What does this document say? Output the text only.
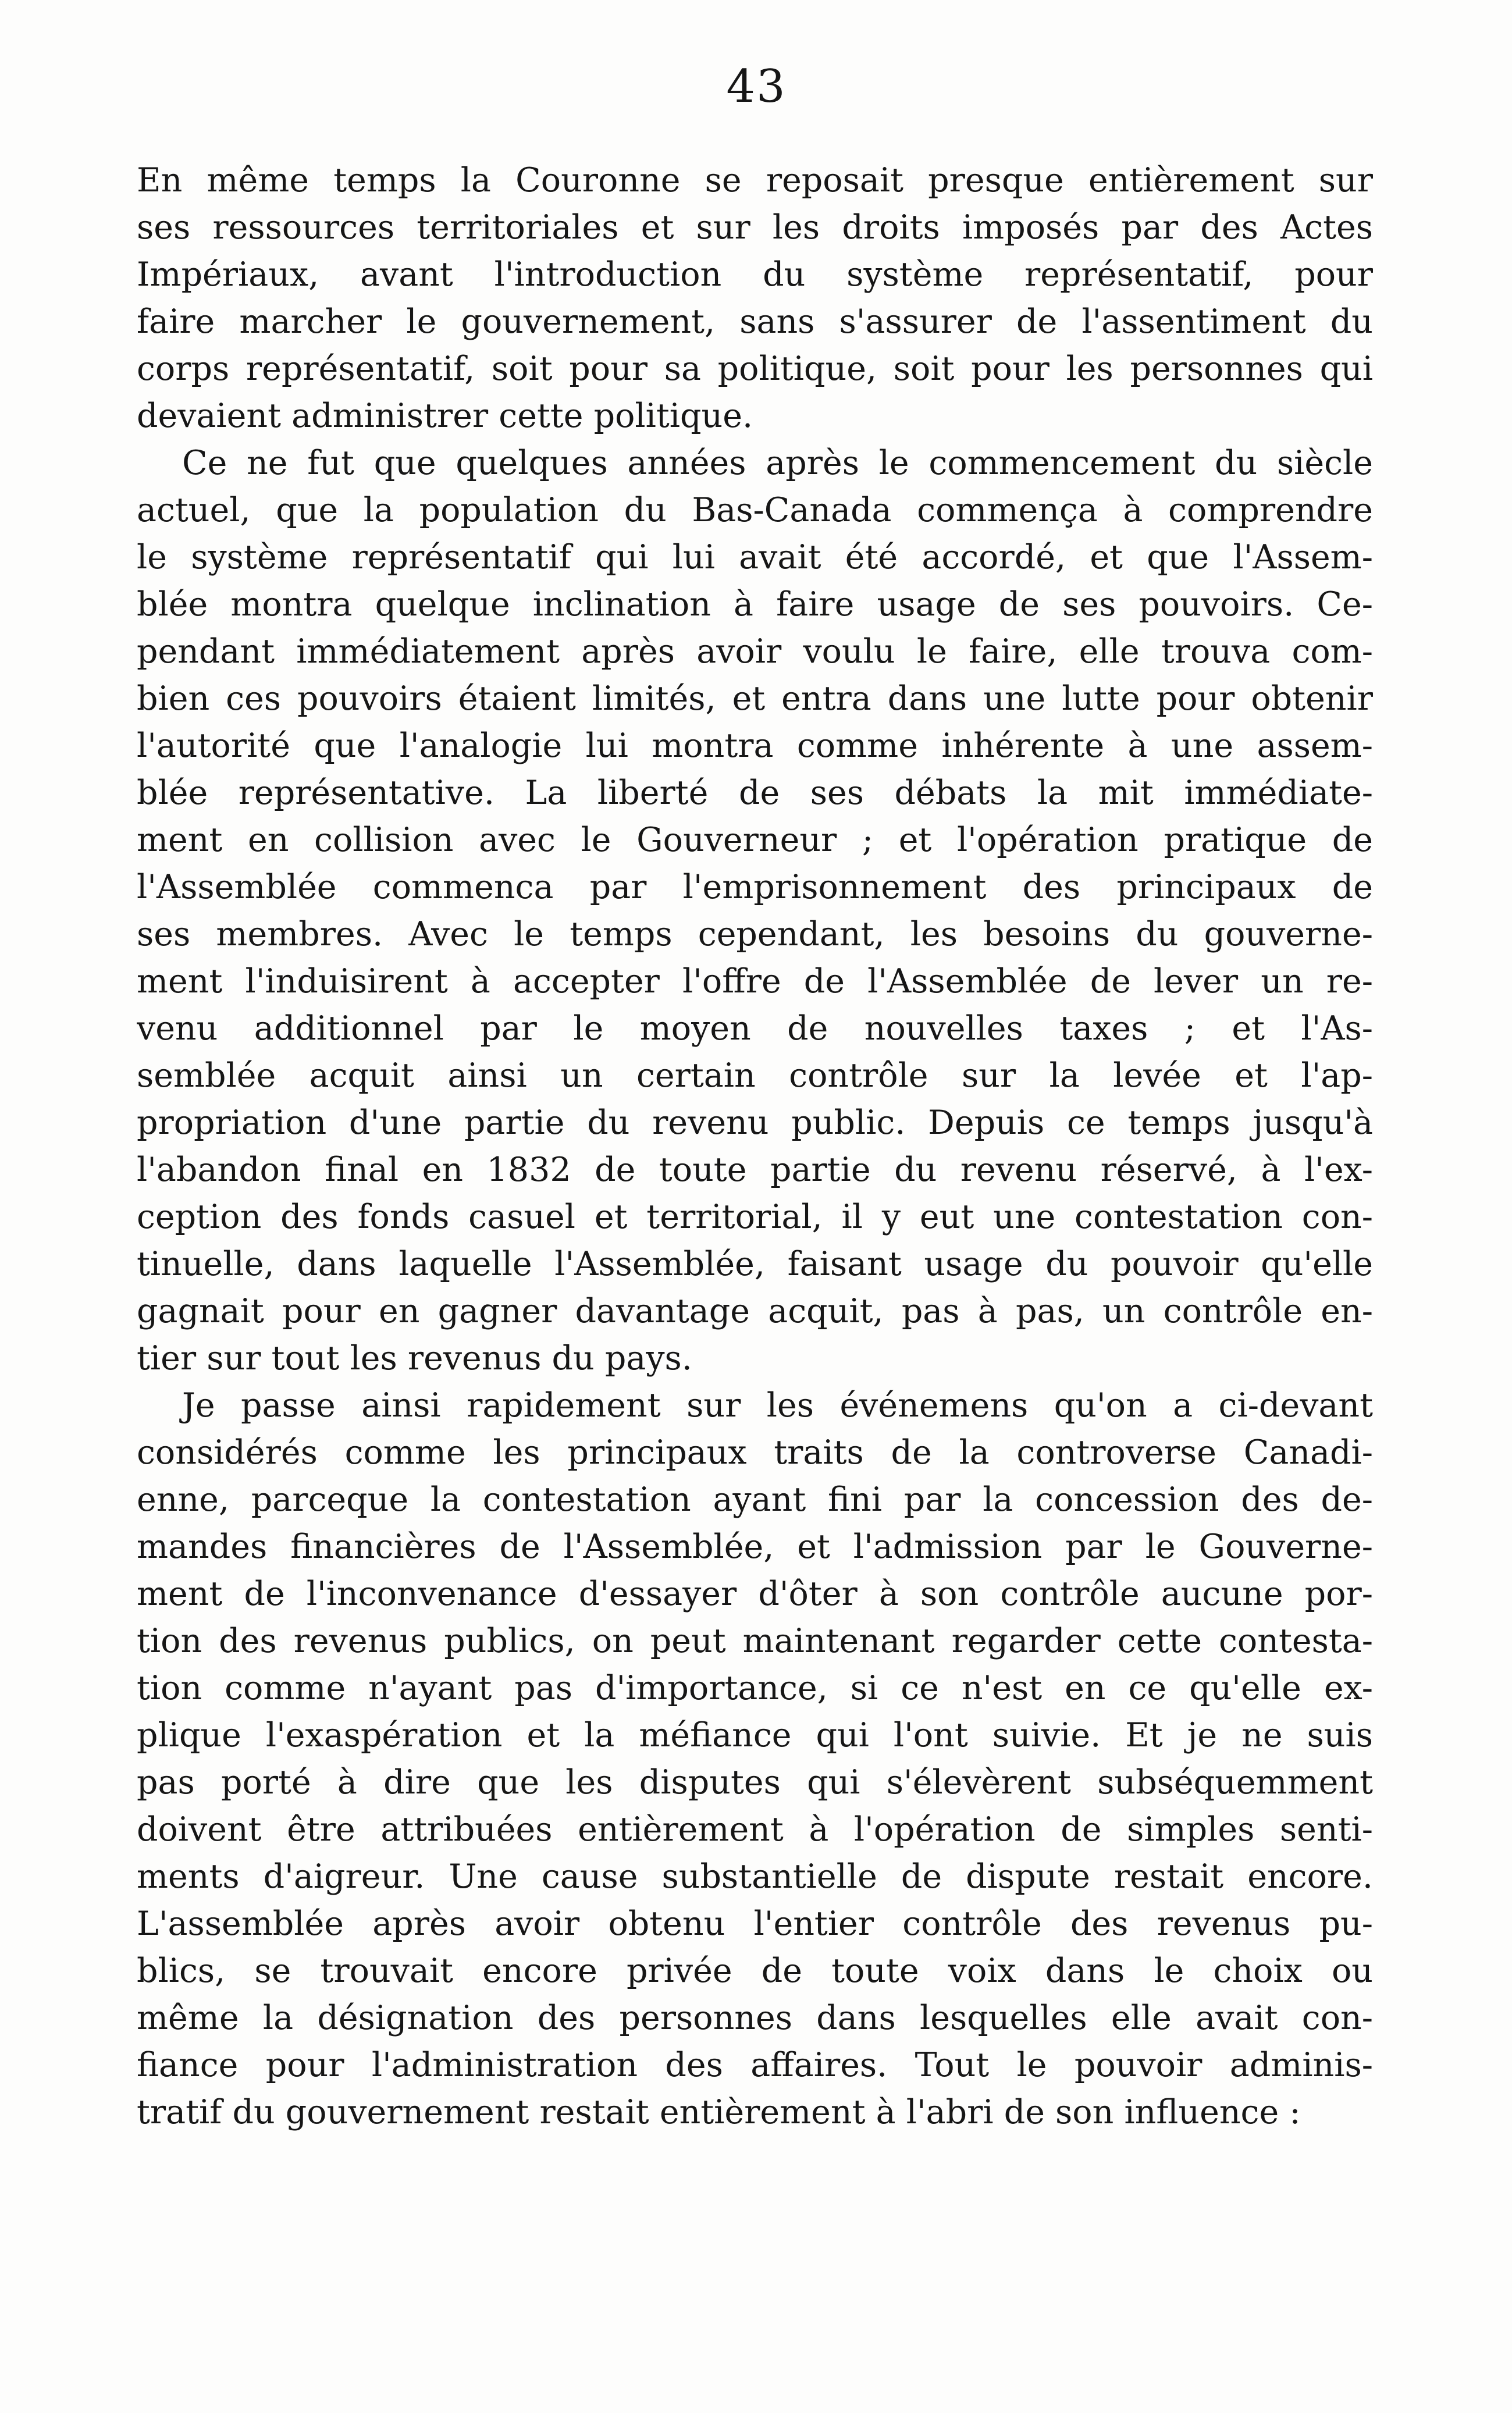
43
En même temps la Couronne se reposait presque entièrement sur
ses ressources territoriales et sur les droits imposés par des Actes
Impériaux, avant l'introduction du système représentatif, pour
faire marcher le gouvernement, sans s'assurer de l'assentiment du
corps représentatif, soit pour sa politique, soit pour les personnes qui
devaient administrer cette politique.
Ce ne fut que quelques années après le commencement du siècle
actuel, que la population du Bas-Canada commença à comprendre
le système représentatif qui lui avait été accordé, et que l'Assem-
blée montra quelque inclination à faire usage de ses pouvoirs. Ce-
pendant immédiatement après avoir voulu le faire, elle trouva com-
bien ces pouvoirs étaient limités, et entra dans une lutte pour obtenir
l'autorité que l'analogie lui montra comme inhérente à une assem-
blée représentative. La liberté de ses débats la mit immédiate-
ment en collision avec le Gouverneur ; et l'opération pratique de
l'Assemblée commenca par l'emprisonnement des principaux de
ses membres. Avec le temps cependant, les besoins du gouverne-
ment l'induisirent à accepter l'offre de l'Assemblée de lever un re-
venu additionnel par le moyen de nouvelles taxes ; et l'As-
semblée acquit ainsi un certain contrôle sur la levée et l'ap-
propriation d'une partie du revenu public. Depuis ce temps jusqu'à
l'abandon final en 1832 de toute partie du revenu réservé, à l'ex-
ception des fonds casuel et territorial, il y eut une contestation con-
tinuelle, dans laquelle l'Assemblée, faisant usage du pouvoir qu'elle
gagnait pour en gagner davantage acquit, pas à pas, un contrôle en-
tier sur tout les revenus du pays.
Je passe ainsi rapidement sur les événemens qu'on a ci-devant
considérés comme les principaux traits de la controverse Canadi-
enne, parceque la contestation ayant fini par la concession des de-
mandes financières de l'Assemblée, et l'admission par le Gouverne-
ment de l'inconvenance d'essayer d'ôter à son contrôle aucune por-
tion des revenus publics, on peut maintenant regarder cette contesta-
tion comme n'ayant pas d'importance, si ce n'est en ce qu'elle ex-
plique l'exaspération et la méfiance qui l'ont suivie. Et je ne suis
pas porté à dire que les disputes qui s'élevèrent subséquemment
doivent être attribuées entièrement à l'opération de simples senti-
ments d'aigreur. Une cause substantielle de dispute restait encore.
L'assemblée après avoir obtenu l'entier contrôle des revenus pu-
blics, se trouvait encore privée de toute voix dans le choix ou
même la désignation des personnes dans lesquelles elle avait con-
fiance pour l'administration des affaires. Tout le pouvoir adminis-
tratif du gouvernement restait entièrement à l'abri de son influence :
